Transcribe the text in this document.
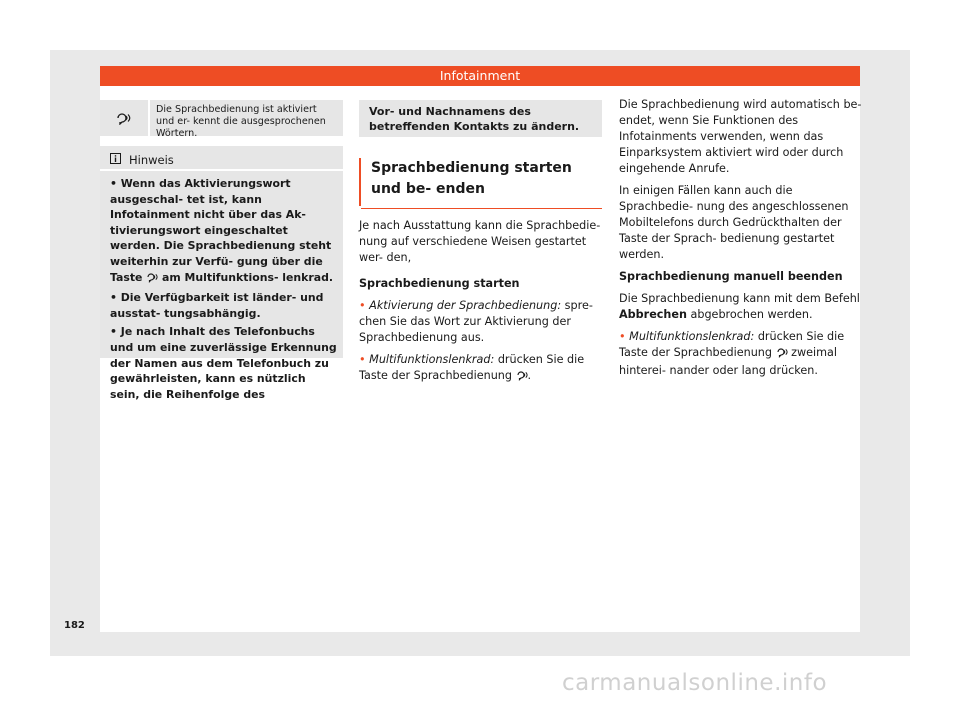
Infotainment
Die Sprachbedienung ist aktiviert und er- kennt die ausgesprochenen Wörtern.
Hinweis

• Wenn das Aktivierungswort ausgeschal- tet ist, kann Infotainment nicht über das Ak- tivierungswort eingeschaltet werden. Die Sprachbedienung steht weiterhin zur Verfü- gung über die Taste am Multifunktions- lenkrad.

• Die Verfügbarkeit ist länder- und ausstat- tungsabhängig.

• Je nach Inhalt des Telefonbuchs und um eine zuverlässige Erkennung der Namen aus dem Telefonbuch zu gewährleisten, kann es nützlich sein, die Reihenfolge des

Vor- und Nachnamens des betreffenden Kontakts zu ändern.
Sprachbedienung starten und be- enden

Je nach Ausstattung kann die Sprachbedie- nung auf verschiedene Weisen gestartet wer- den,

Sprachbedienung starten

• Aktivierung der Sprachbedienung: spre- chen Sie das Wort zur Aktivierung der Sprachbedienung aus.

• Multifunktionslenkrad: drücken Sie die Taste der Sprachbedienung .

Die Sprachbedienung wird automatisch be- endet, wenn Sie Funktionen des Infotainments verwenden, wenn das Einparksystem aktiviert wird oder durch eingehende Anrufe.

In einigen Fällen kann auch die Sprachbedie- nung des angeschlossenen Mobiltelefons durch Gedrückthalten der Taste der Sprach- bedienung gestartet werden.

Sprachbedienung manuell beenden

Die Sprachbedienung kann mit dem Befehl Abbrechen abgebrochen werden.

• Multifunktionslenkrad: drücken Sie die Taste der Sprachbedienung zweimal hinterei- nander oder lang drücken.

182
carmanualsonline.info
